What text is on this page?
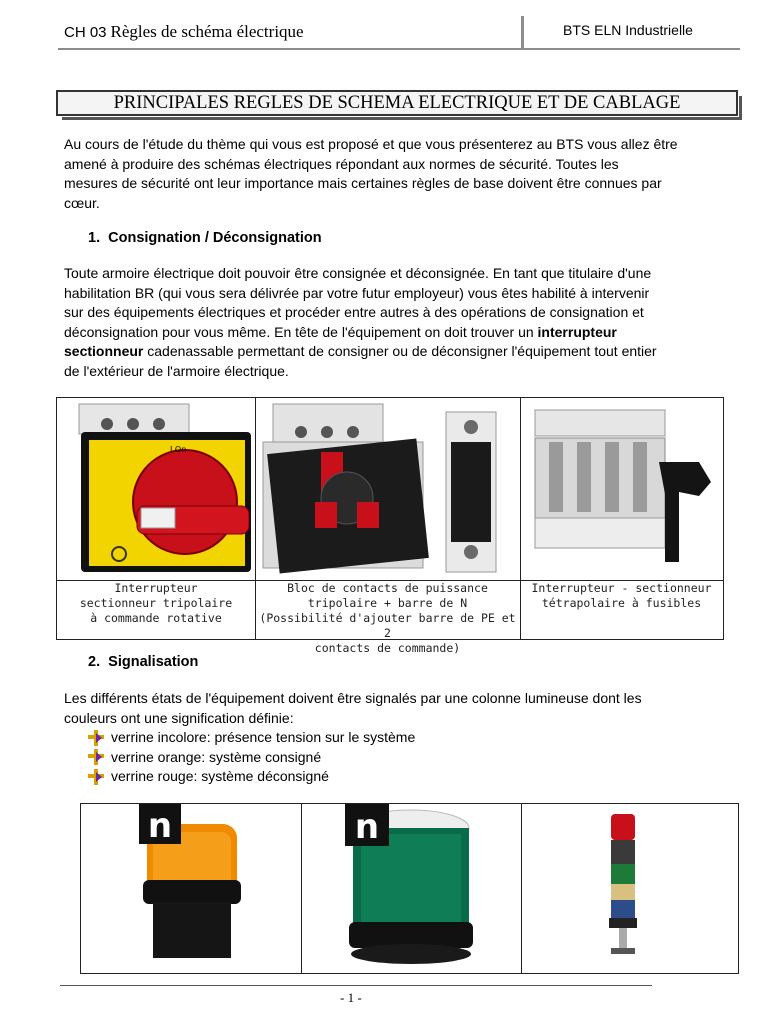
CH 03 Règles de schéma électrique	BTS ELN Industrielle
PRINCIPALES REGLES DE SCHEMA ELECTRIQUE ET DE CABLAGE
Au cours de l'étude du thème qui vous est proposé et que vous présenterez au BTS vous allez être
amené à produire des schémas électriques répondant aux normes de sécurité. Toutes les
mesures de sécurité ont leur importance mais certaines règles de base doivent être connues par
cœur.
1. Consignation / Déconsignation
Toute armoire électrique doit pouvoir être consignée et déconsignée. En tant que titulaire d'une
habilitation BR (qui vous sera délivrée par votre futur employeur) vous êtes habilité à intervenir
sur des équipements électriques et procéder entre autres à des opérations de consignation et
déconsignation pour vous même. En tête de l'équipement on doit trouver un interrupteur
sectionneur cadenassable permettant de consigner ou de déconsigner l'équipement tout entier
de l'extérieur de l'armoire électrique.
I On
Interrupteur
sectionneur tripolaire
à commande rotative
Bloc de contacts de puissance
tripolaire + barre de N
(Possibilité d'ajouter barre de PE et 2
contacts de commande)
Interrupteur - sectionneur
tétrapolaire à fusibles
2. Signalisation
Les différents états de l'équipement doivent être signalés par une colonne lumineuse dont les
couleurs ont une signification définie:
verrine incolore: présence tension sur le système
verrine orange: système consigné
verrine rouge: système déconsigné
n	n
- 1 -
